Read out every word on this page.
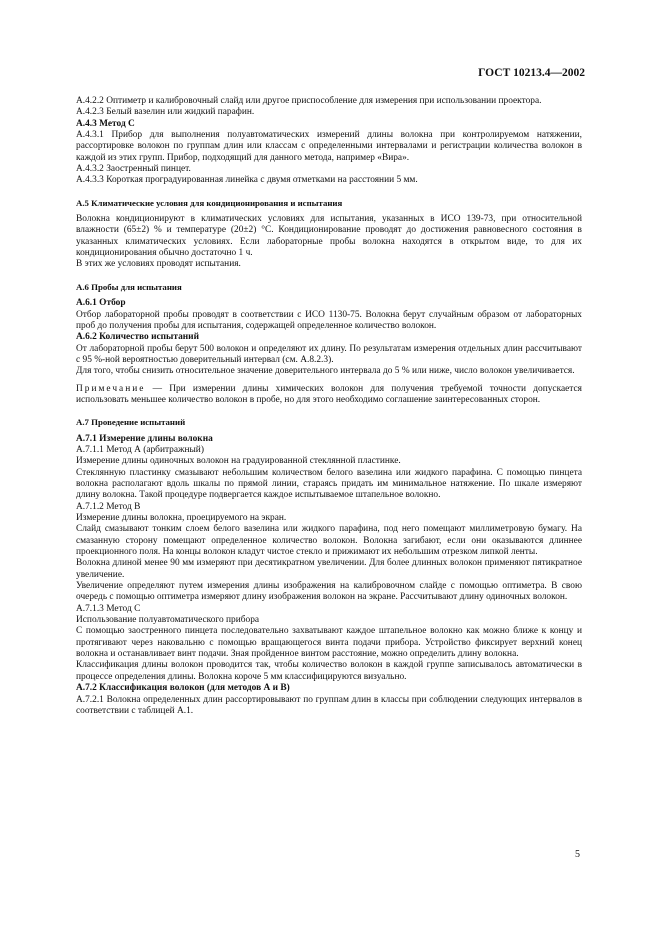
ГОСТ 10213.4—2002

А.4.2.2 Оптиметр и калибровочный слайд или другое приспособление для измерения при использовании проектора.

А.4.2.3 Белый вазелин или жидкий парафин.

А.4.3 Метод С

А.4.3.1 Прибор для выполнения полуавтоматических измерений длины волокна при контролируемом натяжении, рассортировке волокон по группам длин или классам с определенными интервалами и регистрации количества волокон в каждой из этих групп. Прибор, подходящий для данного метода, например «Вира».

А.4.3.2 Заостренный пинцет.

А.4.3.3 Короткая проградуированная линейка с двумя отметками на расстоянии 5 мм.

А.5 Климатические условия для кондиционирования и испытания

Волокна кондиционируют в климатических условиях для испытания, указанных в ИСО 139-73, при относительной влажности (65±2) % и температуре (20±2) °С. Кондиционирование проводят до достижения равновесного состояния в указанных климатических условиях. Если лабораторные пробы волокна находятся в открытом виде, то для их кондиционирования обычно достаточно 1 ч.

В этих же условиях проводят испытания.

А.6 Пробы для испытания

А.6.1 Отбор

Отбор лабораторной пробы проводят в соответствии с ИСО 1130-75. Волокна берут случайным образом от лабораторных проб до получения пробы для испытания, содержащей определенное количество волокон.

А.6.2 Количество испытаний

От лабораторной пробы берут 500 волокон и определяют их длину. По результатам измерения отдельных длин рассчитывают с 95 %-ной вероятностью доверительный интервал (см. А.8.2.3).

Для того, чтобы снизить относительное значение доверительного интервала до 5 % или ниже, число волокон увеличивается.

Примечание — При измерении длины химических волокон для получения требуемой точности допускается использовать меньшее количество волокон в пробе, но для этого необходимо соглашение заинтересованных сторон.

А.7 Проведение испытаний

А.7.1 Измерение длины волокна

А.7.1.1 Метод А (арбитражный)

Измерение длины одиночных волокон на градуированной стеклянной пластинке.

Стеклянную пластинку смазывают небольшим количеством белого вазелина или жидкого парафина. С помощью пинцета волокна располагают вдоль шкалы по прямой линии, стараясь придать им минимальное натяжение. По шкале измеряют длину волокна. Такой процедуре подвергается каждое испытываемое штапельное волокно.

А.7.1.2 Метод В

Измерение длины волокна, проецируемого на экран.

Слайд смазывают тонким слоем белого вазелина или жидкого парафина, под него помещают миллиметровую бумагу. На смазанную сторону помещают определенное количество волокон. Волокна загибают, если они оказываются длиннее проекционного поля. На концы волокон кладут чистое стекло и прижимают их небольшим отрезком липкой ленты.

Волокна длиной менее 90 мм измеряют при десятикратном увеличении. Для более длинных волокон применяют пятикратное увеличение.

Увеличение определяют путем измерения длины изображения на калибровочном слайде с помощью оптиметра. В свою очередь с помощью оптиметра измеряют длину изображения волокон на экране. Рассчитывают длину одиночных волокон.

А.7.1.3 Метод С

Использование полуавтоматического прибора

С помощью заостренного пинцета последовательно захватывают каждое штапельное волокно как можно ближе к концу и протягивают через наковальню с помощью вращающегося винта подачи прибора. Устройство фиксирует верхний конец волокна и останавливает винт подачи. Зная пройденное винтом расстояние, можно определить длину волокна.

Классификация длины волокон проводится так, чтобы количество волокон в каждой группе записывалось автоматически в процессе определения длины. Волокна короче 5 мм классифицируются визуально.

А.7.2 Классификация волокон (для методов А и В)

А.7.2.1 Волокна определенных длин рассортировывают по группам длин в классы при соблюдении следующих интервалов в соответствии с таблицей А.1.

5
